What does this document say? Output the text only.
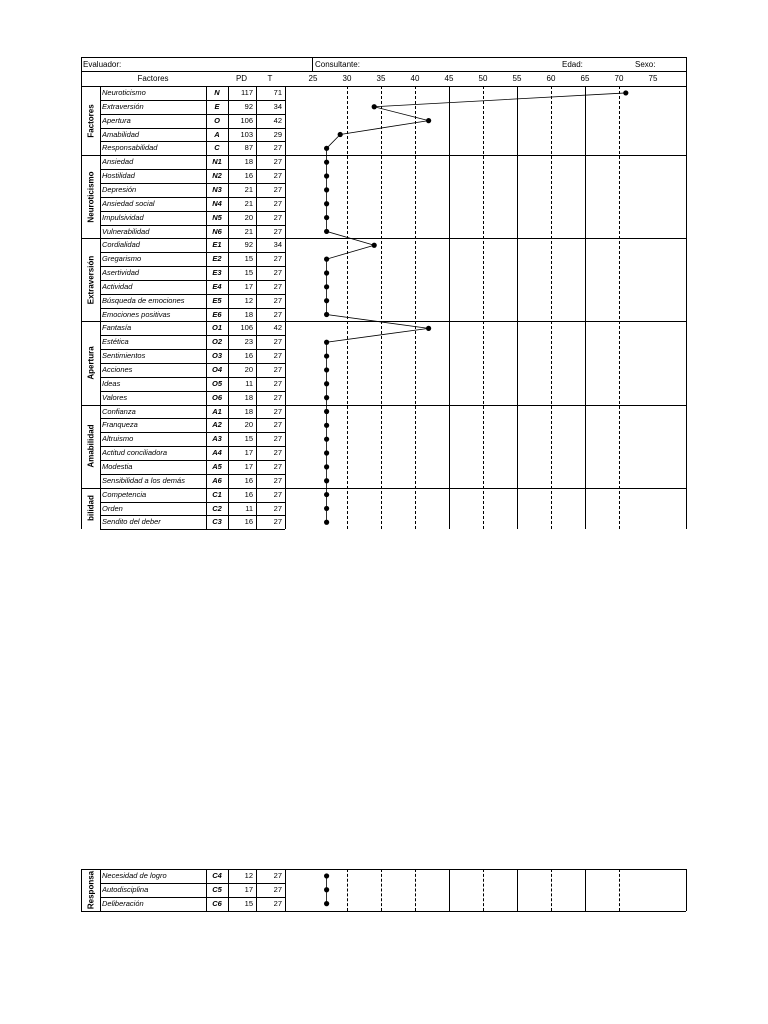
Evaluador:	Consultante:	Edad:	Sexo:
Factores	PD	T	25	30	35	40	45	50	55	60	65	70	75
Neuroticismo	N	117	71
Extraversión	E	92	34
Apertura	O	106	42
Amabilidad	A	103	29
Responsabilidad	C	87	27
Factores
Ansiedad	N1	18	27
Hostilidad	N2	16	27
Depresión	N3	21	27
Ansiedad social	N4	21	27
Impulsividad	N5	20	27
Vulnerabilidad	N6	21	27
Neuroticismo
Cordialidad	E1	92	34
Gregarismo	E2	15	27
Asertividad	E3	15	27
Actividad	E4	17	27
Búsqueda de emociones	E5	12	27
Emociones positivas	E6	18	27
Extraversión
Fantasía	O1	106	42
Estética	O2	23	27
Sentimientos	O3	16	27
Acciones	O4	20	27
Ideas	O5	11	27
Valores	O6	18	27
Apertura
Confianza	A1	18	27
Franqueza	A2	20	27
Altruismo	A3	15	27
Actitud conciliadora	A4	17	27
Modestia	A5	17	27
Sensibilidad a los demás	A6	16	27
Amabilidad
Competencia	C1	16	27
Orden	C2	11	27
Sendito del deber	C3	16	27
bilidad
Necesidad de logro	C4	12	27
Autodisciplina	C5	17	27
Deliberación	C6	15	27
Responsa
